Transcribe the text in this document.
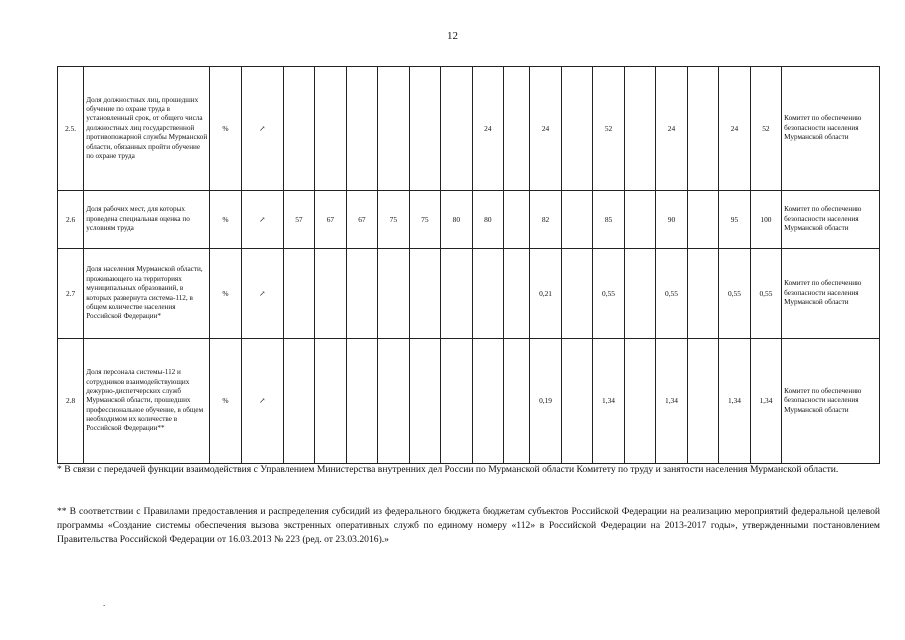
12
2.5.	Доля должностных лиц, прошедших обучение по охране труда в установленный срок, от общего числа должностных лиц государственной противопожарной службы Мурманской области, обязанных пройти обучение по охране труда	%	↗							24		24		52		24		24	52	Комитет по обеспечению безопасности населения Мурманской области
2.6	Доля рабочих мест, для которых проведена специальная оценка по условиям труда	%	↗	57	67	67	75	75	80	80		82		85		90		95	100	Комитет по обеспечению безопасности населения Мурманской области
2.7	Доля населения Мурманской области, проживающего на территориях муниципальных образований, в которых развернута система-112, в общем количестве населения Российской Федерации*	%	↗									0,21		0,55		0,55		0,55	0,55	Комитет по обеспечению безопасности населения Мурманской области
2.8	Доля персонала системы-112 и сотрудников взаимодействующих дежурно-диспетчерских служб Мурманской области, прошедших профессиональное обучение, в общем необходимом их количестве в Российской Федерации**	%	↗									0,19		1,34		1,34		1,34	1,34	Комитет по обеспечению безопасности населения Мурманской области
* В связи с передачей функции взаимодействия с Управлением Министерства внутренних дел России по Мурманской области Комитету по труду и занятости населения Мурманской области.
** В соответствии с Правилами предоставления и распределения субсидий из федерального бюджета бюджетам субъектов Российской Федерации на реализацию мероприятий федеральной целевой программы «Создание системы обеспечения вызова экстренных оперативных служб по единому номеру «112» в Российской Федерации на 2013-2017 годы», утвержденными постановлением Правительства Российской Федерации от 16.03.2013 № 223 (ред. от 23.03.2016).»
.
